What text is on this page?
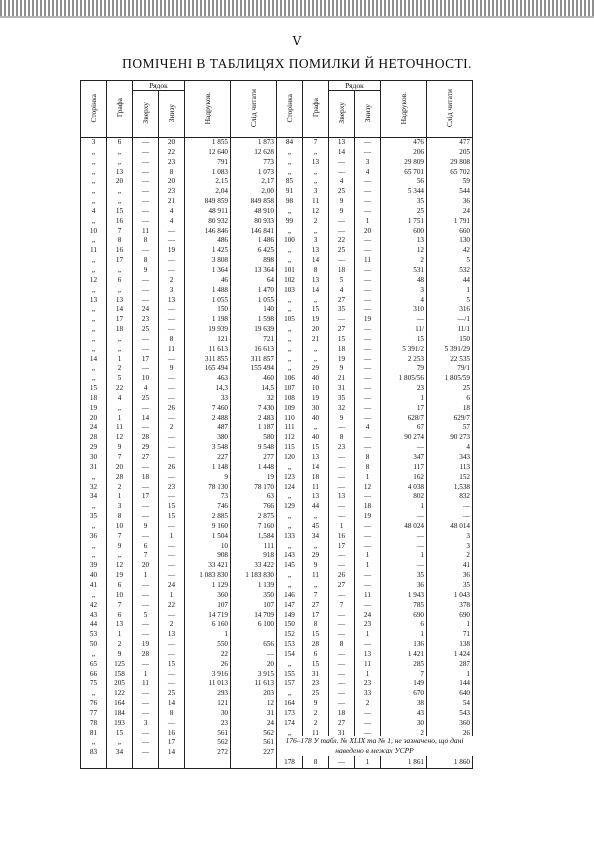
V
ПОМІЧЕНІ В ТАБЛИЦЯХ ПОМИЛКИ Й НЕТОЧНОСТІ.
Сторінка	Графа	Рядок		Надруков.	Слід читати	Сторінка	Графа	Рядок		Надруков.	Слід читати
		Зверху	Знизу					Зверху	Знизу		
3	6	—	20	1 855	1 873	84	7	13	—	476	477
„	„	—	22	12 640	12 628	„	„	14	—	206	205
„	„	—	23	791	773	„	13	—	3	29 809	29 808
„	13	—	8	1 083	1 073	„	„	—	4	65 701	65 702
„	20	—	20	2,15	2,17	85	„	4	—	56	59
„	„	—	23	2,04	2,00	91	3	25	—	5 344	544
„	„	—	21	849 859	849 858	98	11	9	—	35	36
4	15	—	4	48 911	48 910	„	12	9	—	25	24
„	16	—	4	80 932	80 933	99	2	—	1	1 751	1 791
10	7	11	—	146 846	146 841	„	„	—	20	600	660
„	8	8	—	486	1 486	100	3	22	—	13	130
11	16	—	19	1 425	6 425	„	13	25	—	12	42
„	17	8	—	3 808	898	„	14	—	11	2	5
„	„	9	—	1 364	13 364	101	8	18	—	531	532
12	6	—	2	46	64	102	13	5	—	48	44
„	„	—	3	1 488	1 470	103	14	4	—	3	1
13	13	—	13	1 055	1 055	„	„	27	—	4	5
„	14	24	—	150	140	„	15	35	—	310	316
„	17	23	—	1 198	1 598	105	19	—	19	—	—/1
„	18	25	—	19 939	19 639	„	20	27	—	11/	11/1
„	„	—	8	121	721	„	21	15	—	15	150
„	„	—	11	11 613	16 613	„	„	18	—	5 391/2	5 391/29
14	1	17	—	311 855	311 857	„	„	19	—	2 253	22 535
„	2	—	9	165 494	155 494	„	29	9	—	79	79/1
„	5	10	—	463	460	106	40	21	—	1 805/56	1 805/59
15	22	4	—	14,3	14,5	107	10	31	—	23	25
18	4	25	—	33	32	108	19	35	—	1	6
19	„	—	26	7 460	7 430	109	30	32	—	17	18
20	1	14	—	2 488	2 483	110	40	9	—	628/7	629/7
24	11	—	2	487	1 187	111	„	—	4	67	57
28	12	28	—	380	580	112	40	8	—	90 274	90 273
29	9	29	—	3 548	9 548	115	15	23	—	—	4
30	7	27	—	227	277	120	13	—	8	347	343
31	20	—	26	1 148	1 448	„	14	—	8	117	113
„	28	18	—	9	19	123	18	—	1	162	152
32	2	—	23	78 130	78 170	124	11	—	12	4 038	1,538
34	1	17	—	73	63	„	13	13	—	802	832
„	3	—	15	746	766	129	44	—	18	1	—
35	8	—	15	2 885	2 875	„	„	—	19	—	—
„	10	9	—	9 160	7 160	„	45	1	—	48 024	48 014
36	7	—	1	1 504	1,584	133	34	16	—	—	3
„	9	6	—	10	111	„	„	17	—	—	3
„	„	7	—	908	918	143	29	—	1	1	2
39	12	20	—	33 421	33 422	145	9	—	1	—	41
40	19	1	—	1 083 830	1 183 830	„	11	26	—	35	36
41	6	—	24	1 129	1 139	„	„	27	—	36	35
„	10	—	1	360	350	146	7	—	11	1 943	1 043
42	7	—	22	107	107	147	27	7	—	785	378
43	6	5	—	14 719	14 709	149	17	—	24	690	690
44	13	—	2	6 160	6 100	150	8	—	23	6	1
53	1	—	13	1		152	15	—	1	1	71
50	2	19	—	550	656	153	28	8	—	136	138
„	9	28	—	22	—	154	6	—	13	1 421	1 424
65	125	—	15	26	20	„	15	—	11	285	287
66	158	1	—	3 916	3 915	155	31	—	1	7	1
75	205	11	—	11 013	11 613	157	23	—	23	149	144
„	122	—	25	293	203	„	25	—	33	670	640
76	164	—	14	121	12	164	9	—	2	38	54
77	184	—	8	30	31	173	2	18	—	43	543
78	193	3	—	23	24	174	2	27	—	30	360
81	15	—	16	561	562	„	11	31	—	2	26
„	„	—	17	562	561						
83	34	—	14	272	227						
						178	8	—	1	1 861	1 860
176–178 У табл. № XLIX та № 1, не зазначено, що дані наведено в межах УСРР
